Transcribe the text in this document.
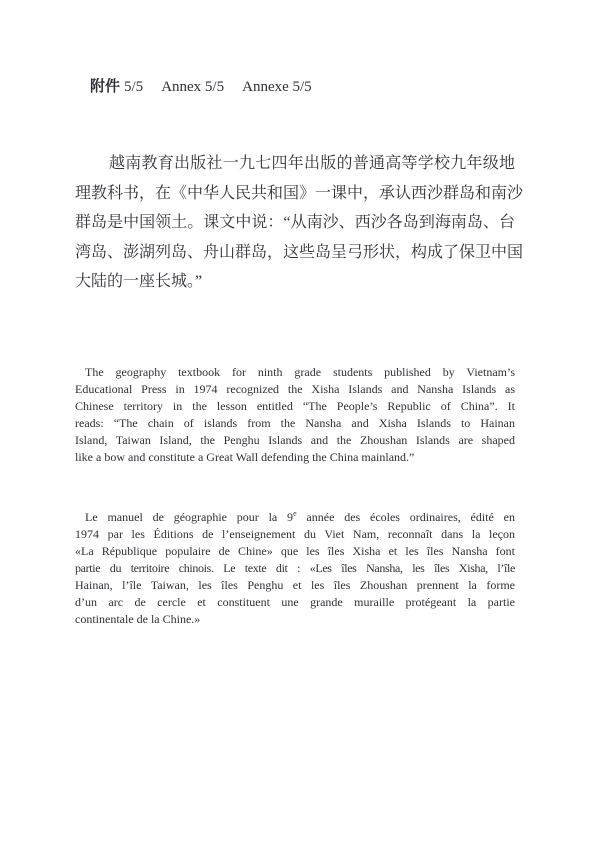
附件 5/5 Annex 5/5 Annexe 5/5
越南教育出版社一九七四年出版的普通高等学校九年级地
理教科书，在《中华人民共和国》一课中，承认西沙群岛和南沙
群岛是中国领土。课文中说：“从南沙、西沙各岛到海南岛、台
湾岛、澎湖列岛、舟山群岛，这些岛呈弓形状，构成了保卫中国
大陆的一座长城。”
The geography textbook for ninth grade students published by Vietnam’s
Educational Press in 1974 recognized the Xisha Islands and Nansha Islands as
Chinese territory in the lesson entitled “The People’s Republic of China”. It
reads: “The chain of islands from the Nansha and Xisha Islands to Hainan
Island, Taiwan Island, the Penghu Islands and the Zhoushan Islands are shaped
like a bow and constitute a Great Wall defending the China mainland.”
Le manuel de géographie pour la 9e année des écoles ordinaires, édité en
1974 par les Éditions de l’enseignement du Viet Nam, reconnaît dans la leçon
«La République populaire de Chine» que les îles Xisha et les îles Nansha font
partie du territoire chinois. Le texte dit : «Les îles Nansha, les îles Xisha, l’île
Hainan, l’île Taiwan, les îles Penghu et les îles Zhoushan prennent la forme
d’un arc de cercle et constituent une grande muraille protégeant la partie
continentale de la Chine.»
